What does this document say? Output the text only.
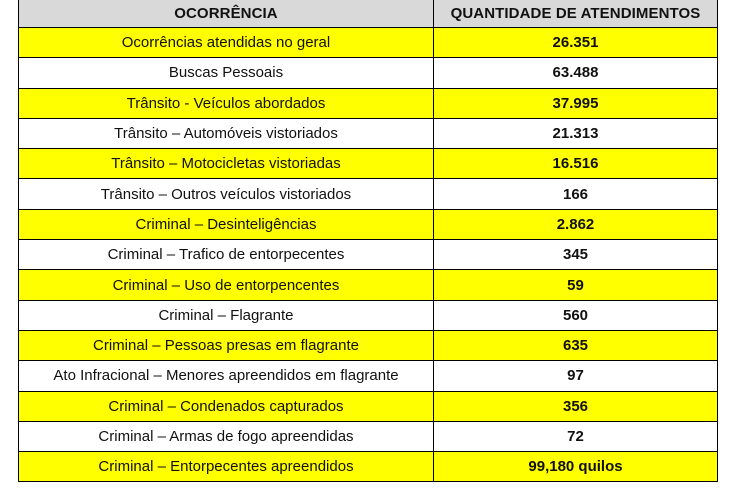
OCORRÊNCIA	QUANTIDADE DE ATENDIMENTOS
Ocorrências atendidas no geral	26.351
Buscas Pessoais	63.488
Trânsito - Veículos abordados	37.995
Trânsito – Automóveis vistoriados	21.313
Trânsito – Motocicletas vistoriadas	16.516
Trânsito – Outros veículos vistoriados	166
Criminal – Desinteligências	2.862
Criminal – Trafico de entorpecentes	345
Criminal – Uso de entorpencentes	59
Criminal – Flagrante	560
Criminal – Pessoas presas em flagrante	635
Ato Infracional – Menores apreendidos em flagrante	97
Criminal – Condenados capturados	356
Criminal – Armas de fogo apreendidas	72
Criminal – Entorpecentes apreendidos	99,180 quilos
